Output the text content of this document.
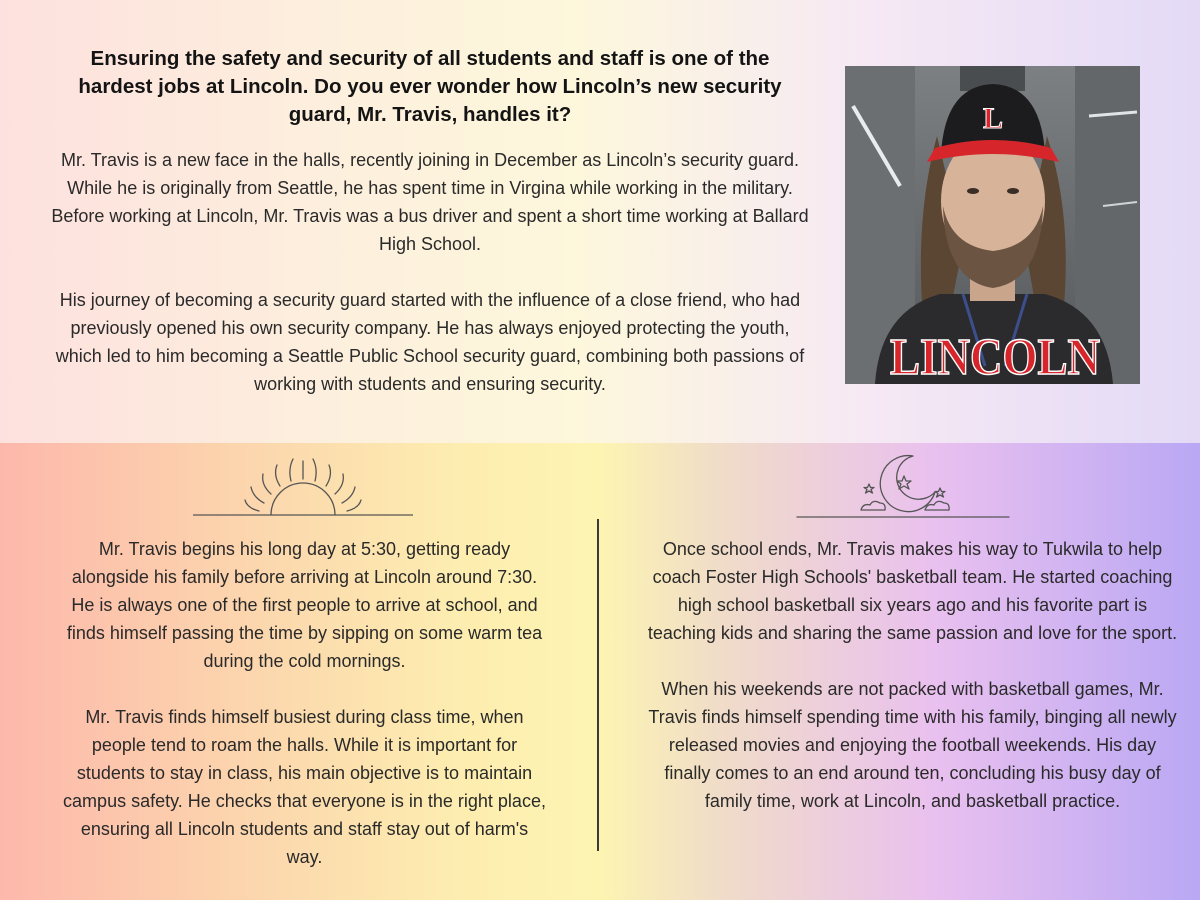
Ensuring the safety and security of all students and staff is one of the hardest jobs at Lincoln. Do you ever wonder how Lincoln’s new security guard, Mr. Travis, handles it?

Mr. Travis is a new face in the halls, recently joining in December as Lincoln’s security guard. While he is originally from Seattle, he has spent time in Virgina while working in the military. Before working at Lincoln, Mr. Travis was a bus driver and spent a short time working at Ballard High School.

His journey of becoming a security guard started with the influence of a close friend, who had previously opened his own security company. He has always enjoyed protecting the youth, which led to him becoming a Seattle Public School security guard, combining both passions of working with students and ensuring security.

L
LINCOLN

Mr. Travis begins his long day at 5:30, getting ready alongside his family before arriving at Lincoln around 7:30. He is always one of the first people to arrive at school, and finds himself passing the time by sipping on some warm tea during the cold mornings.

Mr. Travis finds himself busiest during class time, when people tend to roam the halls. While it is important for students to stay in class, his main objective is to maintain campus safety. He checks that everyone is in the right place, ensuring all Lincoln students and staff stay out of harm's way.

Once school ends, Mr. Travis makes his way to Tukwila to help coach Foster High Schools' basketball team. He started coaching high school basketball six years ago and his favorite part is teaching kids and sharing the same passion and love for the sport.

When his weekends are not packed with basketball games, Mr. Travis finds himself spending time with his family, binging all newly released movies and enjoying the football weekends. His day finally comes to an end around ten, concluding his busy day of family time, work at Lincoln, and basketball practice.
